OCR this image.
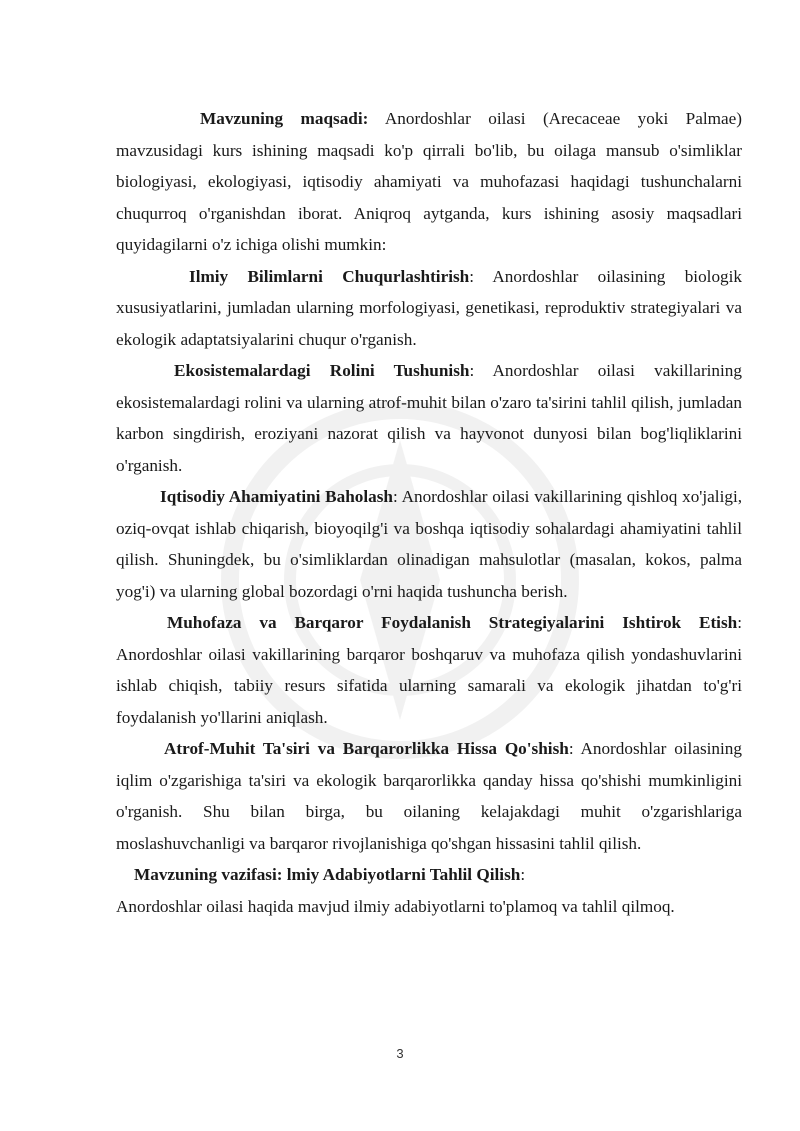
Mavzuning maqsadi: Anordoshlar oilasi (Arecaceae yoki Palmae) mavzusidagi kurs ishining maqsadi ko'p qirrali bo'lib, bu oilaga mansub o'simliklar biologiyasi, ekologiyasi, iqtisodiy ahamiyati va muhofazasi haqidagi tushunchalarni chuqurroq o'rganishdan iborat. Aniqroq aytganda, kurs ishining asosiy maqsadlari quyidagilarni o'z ichiga olishi mumkin:

Ilmiy Bilimlarni Chuqurlashtirish: Anordoshlar oilasining biologik xususiyatlarini, jumladan ularning morfologiyasi, genetikasi, reproduktiv strategiyalari va ekologik adaptatsiyalarini chuqur o'rganish.

Ekosistemalardagi Rolini Tushunish: Anordoshlar oilasi vakillarining ekosistemalardagi rolini va ularning atrof-muhit bilan o'zaro ta'sirini tahlil qilish, jumladan karbon singdirish, eroziyani nazorat qilish va hayvonot dunyosi bilan bog'liqliklarini o'rganish.

Iqtisodiy Ahamiyatini Baholash: Anordoshlar oilasi vakillarining qishloq xo'jaligi, oziq-ovqat ishlab chiqarish, bioyoqilg'i va boshqa iqtisodiy sohalardagi ahamiyatini tahlil qilish. Shuningdek, bu o'simliklardan olinadigan mahsulotlar (masalan, kokos, palma yog'i) va ularning global bozordagi o'rni haqida tushuncha berish.

Muhofaza va Barqaror Foydalanish Strategiyalarini Ishtirok Etish: Anordoshlar oilasi vakillarining barqaror boshqaruv va muhofaza qilish yondashuvlarini ishlab chiqish, tabiiy resurs sifatida ularning samarali va ekologik jihatdan to'g'ri foydalanish yo'llarini aniqlash.

Atrof-Muhit Ta'siri va Barqarorlikka Hissa Qo'shish: Anordoshlar oilasining iqlim o'zgarishiga ta'siri va ekologik barqarorlikka qanday hissa qo'shishi mumkinligini o'rganish. Shu bilan birga, bu oilaning kelajakdagi muhit o'zgarishlariga moslashuvchanligi va barqaror rivojlanishiga qo'shgan hissasini tahlil qilish.

Mavzuning vazifasi: lmiy Adabiyotlarni Tahlil Qilish:

Anordoshlar oilasi haqida mavjud ilmiy adabiyotlarni to'plamoq va tahlil qilmoq.

3
